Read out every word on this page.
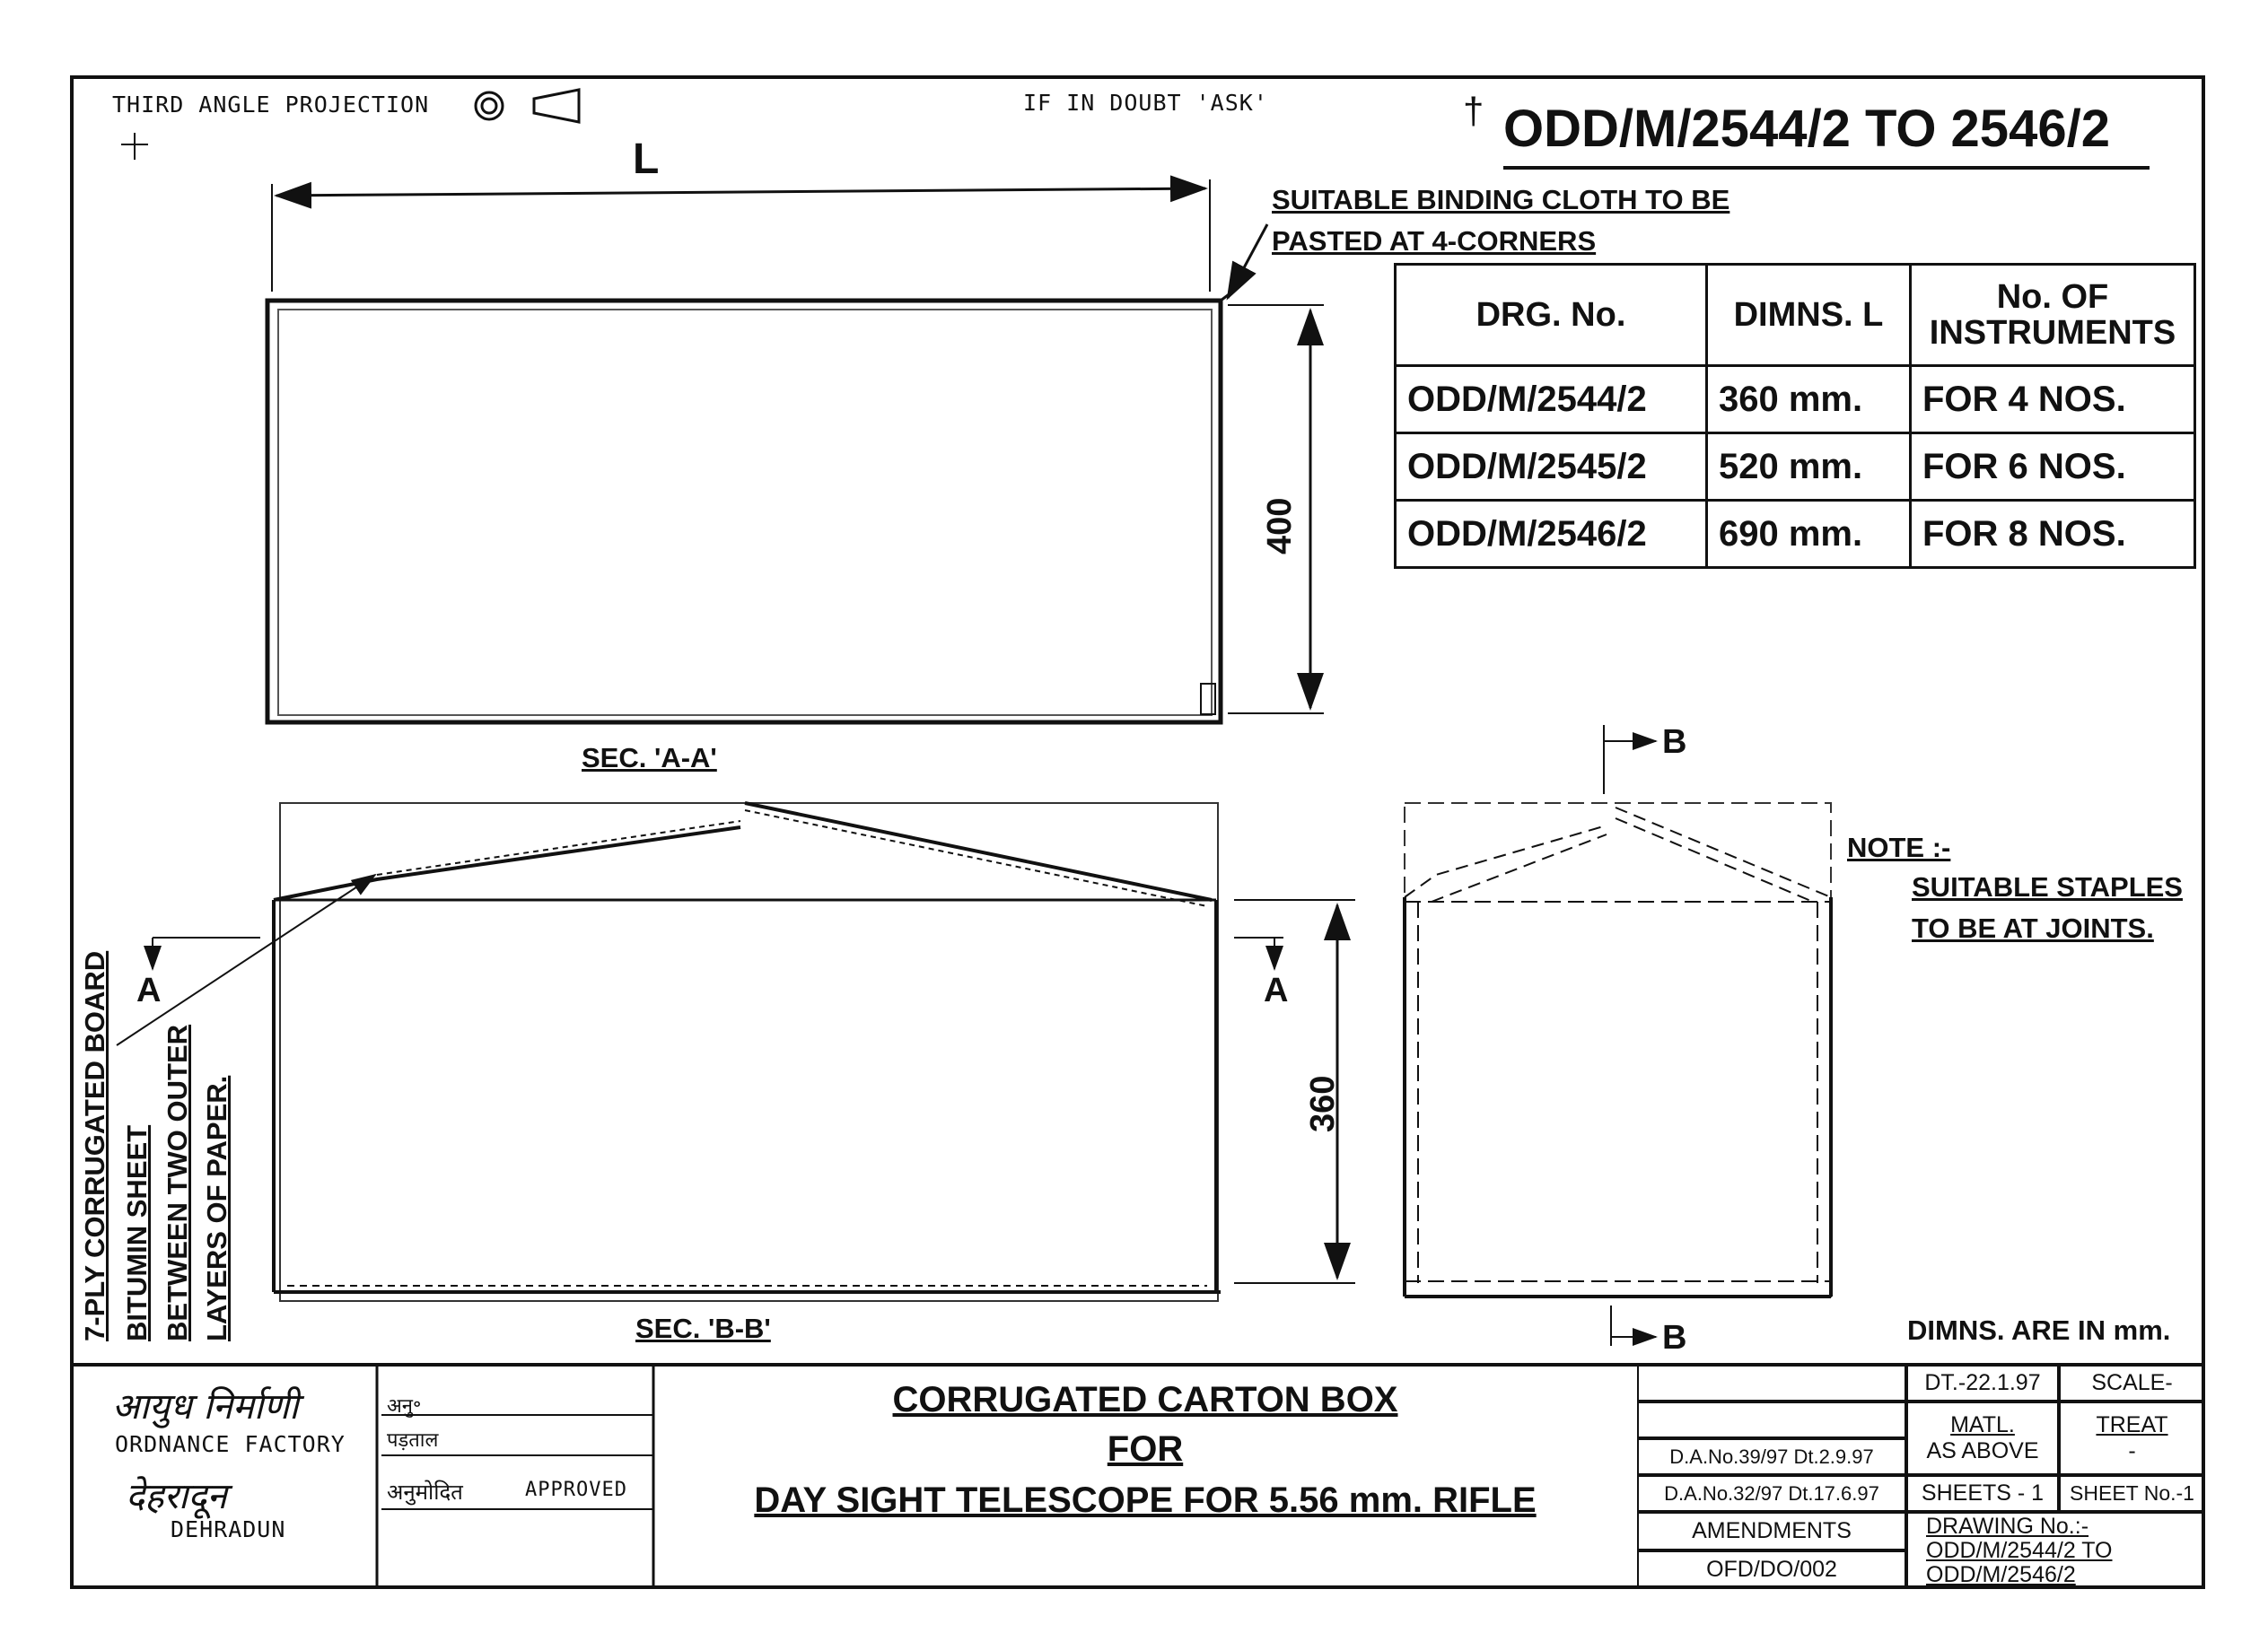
THIRD ANGLE PROJECTION	IF IN DOUBT 'ASK'	† ODD/M/2544/2 TO 2546/2
L
SUITABLE BINDING CLOTH TO BE
PASTED AT 4-CORNERS
400
SEC. 'A-A'
SEC. 'B-B'
A	A
B
B
360
7-PLY CORRUGATED BOARD BITUMIN SHEET BETWEEN TWO OUTER LAYERS OF PAPER.
NOTE :-
SUITABLE STAPLES
TO BE AT JOINTS.
DIMNS. ARE IN mm.
DRG. No.	DIMNS. L	No. OF INSTRUMENTS
ODD/M/2544/2	360 mm.	FOR 4 NOS.
ODD/M/2545/2	520 mm.	FOR 6 NOS.
ODD/M/2546/2	690 mm.	FOR 8 NOS.
आयुध निर्माणी
ORDNANCE FACTORY
देहरादून
DEHRADUN
अनु॰
पड़ताल
अनुमोदित	APPROVED
CORRUGATED CARTON BOX
FOR
DAY SIGHT TELESCOPE FOR 5.56 mm. RIFLE
D.A.No.39/97 Dt.2.9.97
D.A.No.32/97 Dt.17.6.97
AMENDMENTS
OFD/DO/002
DT.-22.1.97	SCALE-
MATL.
AS ABOVE
TREAT
-
SHEETS - 1	SHEET No.-1
DRAWING No.:-
ODD/M/2544/2 TO
ODD/M/2546/2
